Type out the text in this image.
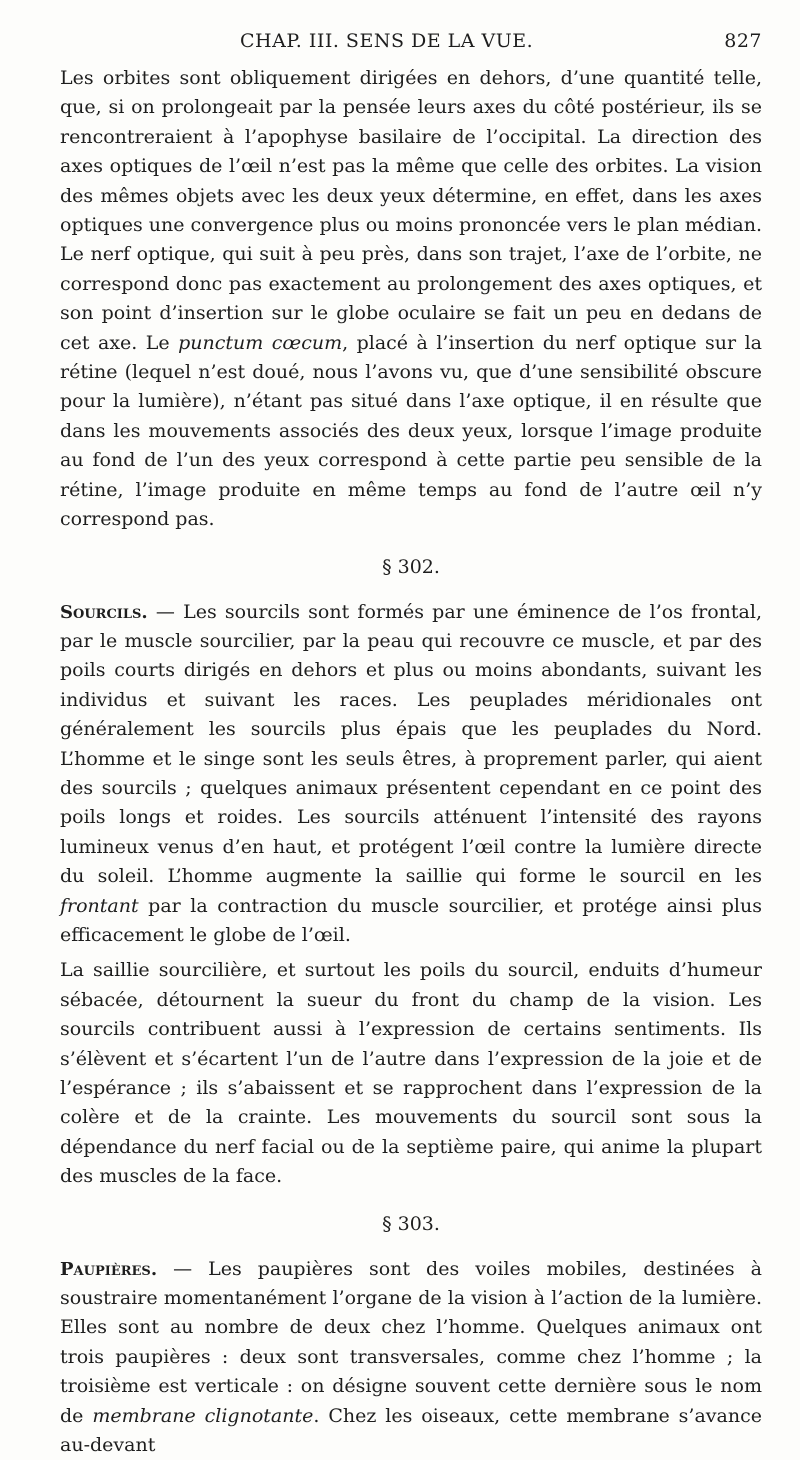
CHAP. III. SENS DE LA VUE.	827

Les orbites sont obliquement dirigées en dehors, d’une quantité telle, que, si on prolongeait par la pensée leurs axes du côté postérieur, ils se rencontreraient à l’apophyse basilaire de l’occipital. La direction des axes optiques de l’œil n’est pas la même que celle des orbites. La vision des mêmes objets avec les deux yeux détermine, en effet, dans les axes optiques une convergence plus ou moins prononcée vers le plan médian. Le nerf optique, qui suit à peu près, dans son trajet, l’axe de l’orbite, ne correspond donc pas exactement au prolongement des axes optiques, et son point d’insertion sur le globe oculaire se fait un peu en dedans de cet axe. Le punctum cœcum, placé à l’insertion du nerf optique sur la rétine (lequel n’est doué, nous l’avons vu, que d’une sensibilité obscure pour la lumière), n’étant pas situé dans l’axe optique, il en résulte que dans les mouvements associés des deux yeux, lorsque l’image produite au fond de l’un des yeux correspond à cette partie peu sensible de la rétine, l’image produite en même temps au fond de l’autre œil n’y correspond pas.

§ 302.

Sourcils. — Les sourcils sont formés par une éminence de l’os frontal, par le muscle sourcilier, par la peau qui recouvre ce muscle, et par des poils courts dirigés en dehors et plus ou moins abondants, suivant les individus et suivant les races. Les peuplades méridionales ont généralement les sourcils plus épais que les peuplades du Nord. L’homme et le singe sont les seuls êtres, à proprement parler, qui aient des sourcils ; quelques animaux présentent cependant en ce point des poils longs et roides. Les sourcils atténuent l’intensité des rayons lumineux venus d’en haut, et protégent l’œil contre la lumière directe du soleil. L’homme augmente la saillie qui forme le sourcil en les frontant par la contraction du muscle sourcilier, et protége ainsi plus efficacement le globe de l’œil.

La saillie sourcilière, et surtout les poils du sourcil, enduits d’humeur sébacée, détournent la sueur du front du champ de la vision. Les sourcils contribuent aussi à l’expression de certains sentiments. Ils s’élèvent et s’écartent l’un de l’autre dans l’expression de la joie et de l’espérance ; ils s’abaissent et se rapprochent dans l’expression de la colère et de la crainte. Les mouvements du sourcil sont sous la dépendance du nerf facial ou de la septième paire, qui anime la plupart des muscles de la face.

§ 303.

Paupières. — Les paupières sont des voiles mobiles, destinées à soustraire momentanément l’organe de la vision à l’action de la lumière. Elles sont au nombre de deux chez l’homme. Quelques animaux ont trois paupières : deux sont transversales, comme chez l’homme ; la troisième est verticale : on désigne souvent cette dernière sous le nom de membrane clignotante. Chez les oiseaux, cette membrane s’avance au-devant
